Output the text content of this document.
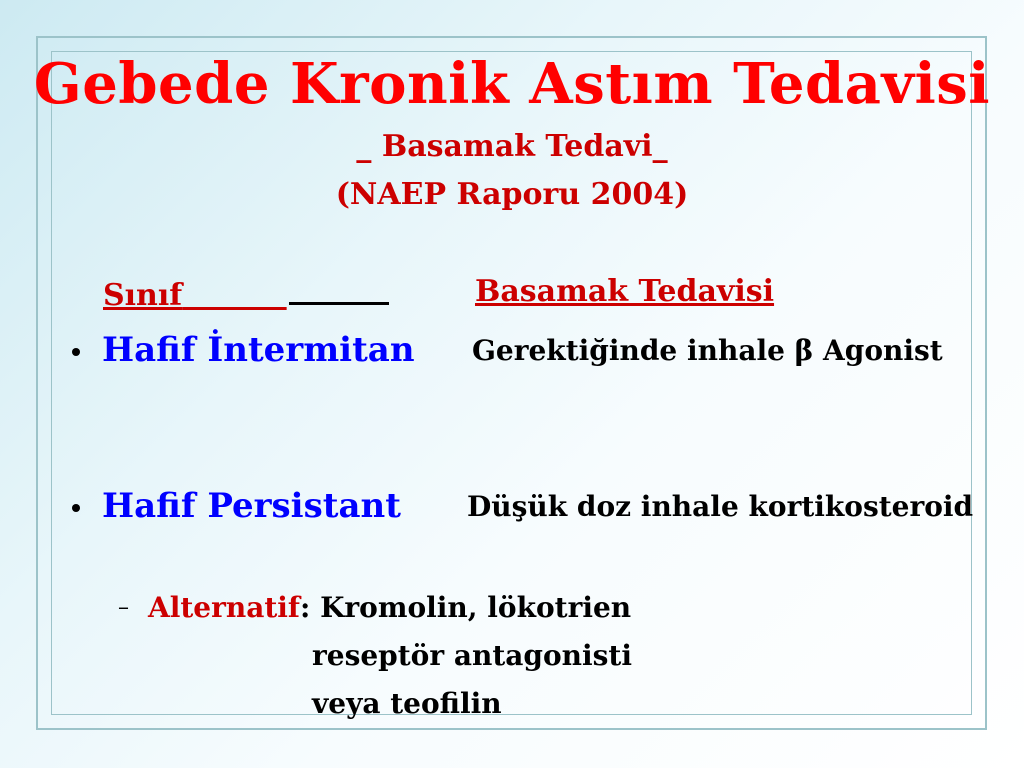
Gebede Kronik Astım Tedavisi
_ Basamak Tedavi_
(NAEP Raporu 2004)
Sınıf	Basamak Tedavisi
Hafif İntermitan Gerektiğinde inhale β Agonist
Hafif Persistant Düşük doz inhale kortikosteroid
– Alternatif: Kromolin, lökotrien
reseptör antagonisti
veya teofilin
